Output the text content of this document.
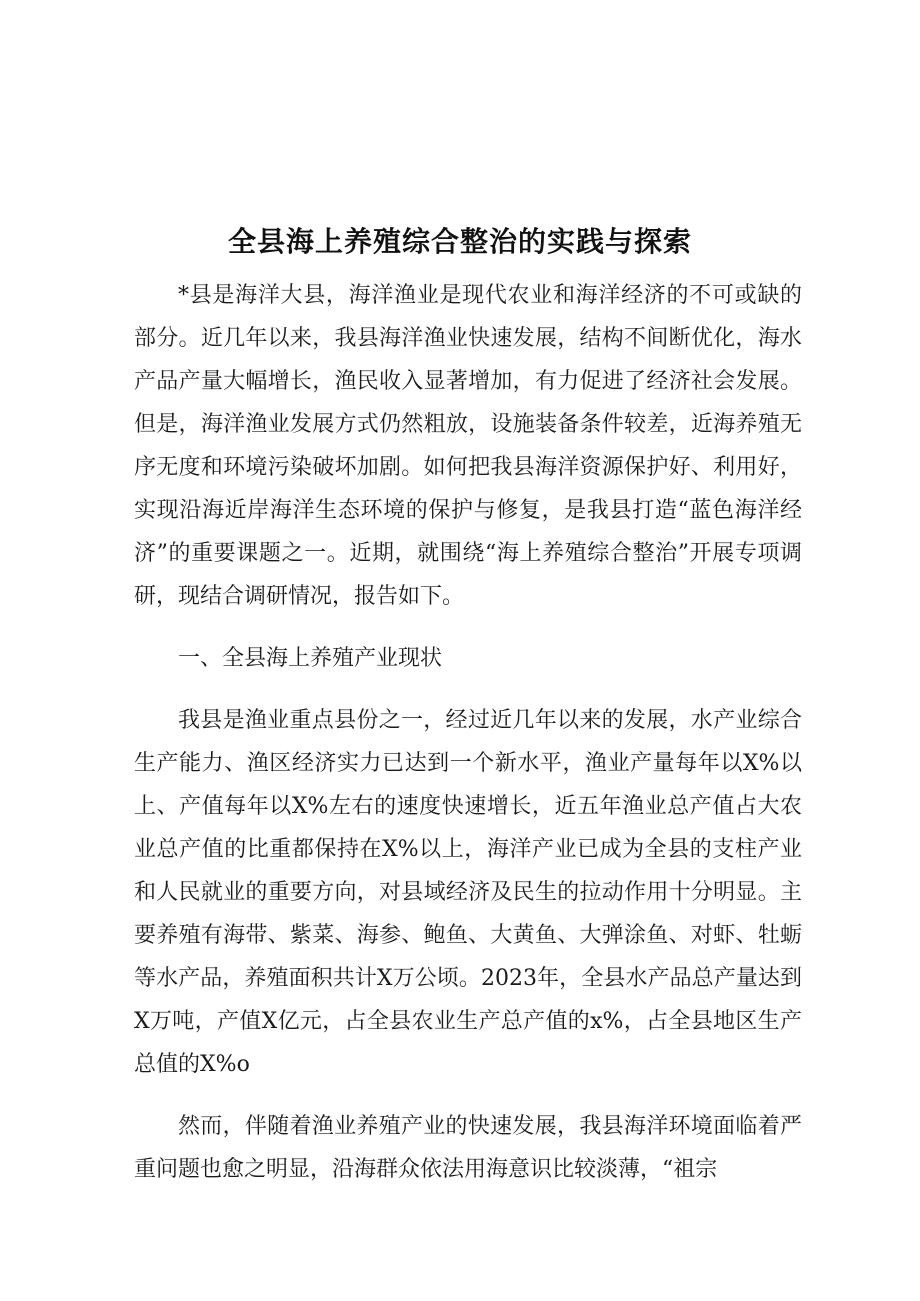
全县海上养殖综合整治的实践与探索

*县是海洋大县，海洋渔业是现代农业和海洋经济的不可或缺的部分。近几年以来，我县海洋渔业快速发展，结构不间断优化，海水产品产量大幅增长，渔民收入显著增加，有力促进了经济社会发展。但是，海洋渔业发展方式仍然粗放，设施装备条件较差，近海养殖无序无度和环境污染破坏加剧。如何把我县海洋资源保护好、利用好，实现沿海近岸海洋生态环境的保护与修复，是我县打造“蓝色海洋经济”的重要课题之一。近期，就围绕“海上养殖综合整治”开展专项调研，现结合调研情况，报告如下。

一、全县海上养殖产业现状

我县是渔业重点县份之一，经过近几年以来的发展，水产业综合生产能力、渔区经济实力已达到一个新水平，渔业产量每年以X%以上、产值每年以X%左右的速度快速增长，近五年渔业总产值占大农业总产值的比重都保持在X%以上，海洋产业已成为全县的支柱产业和人民就业的重要方向，对县域经济及民生的拉动作用十分明显。主要养殖有海带、紫菜、海参、鲍鱼、大黄鱼、大弹涂鱼、对虾、牡蛎等水产品，养殖面积共计X万公顷。2023年，全县水产品总产量达到X万吨，产值X亿元，占全县农业生产总产值的x%，占全县地区生产总值的X%o

然而，伴随着渔业养殖产业的快速发展，我县海洋环境面临着严重问题也愈之明显，沿海群众依法用海意识比较淡薄，“祖宗
